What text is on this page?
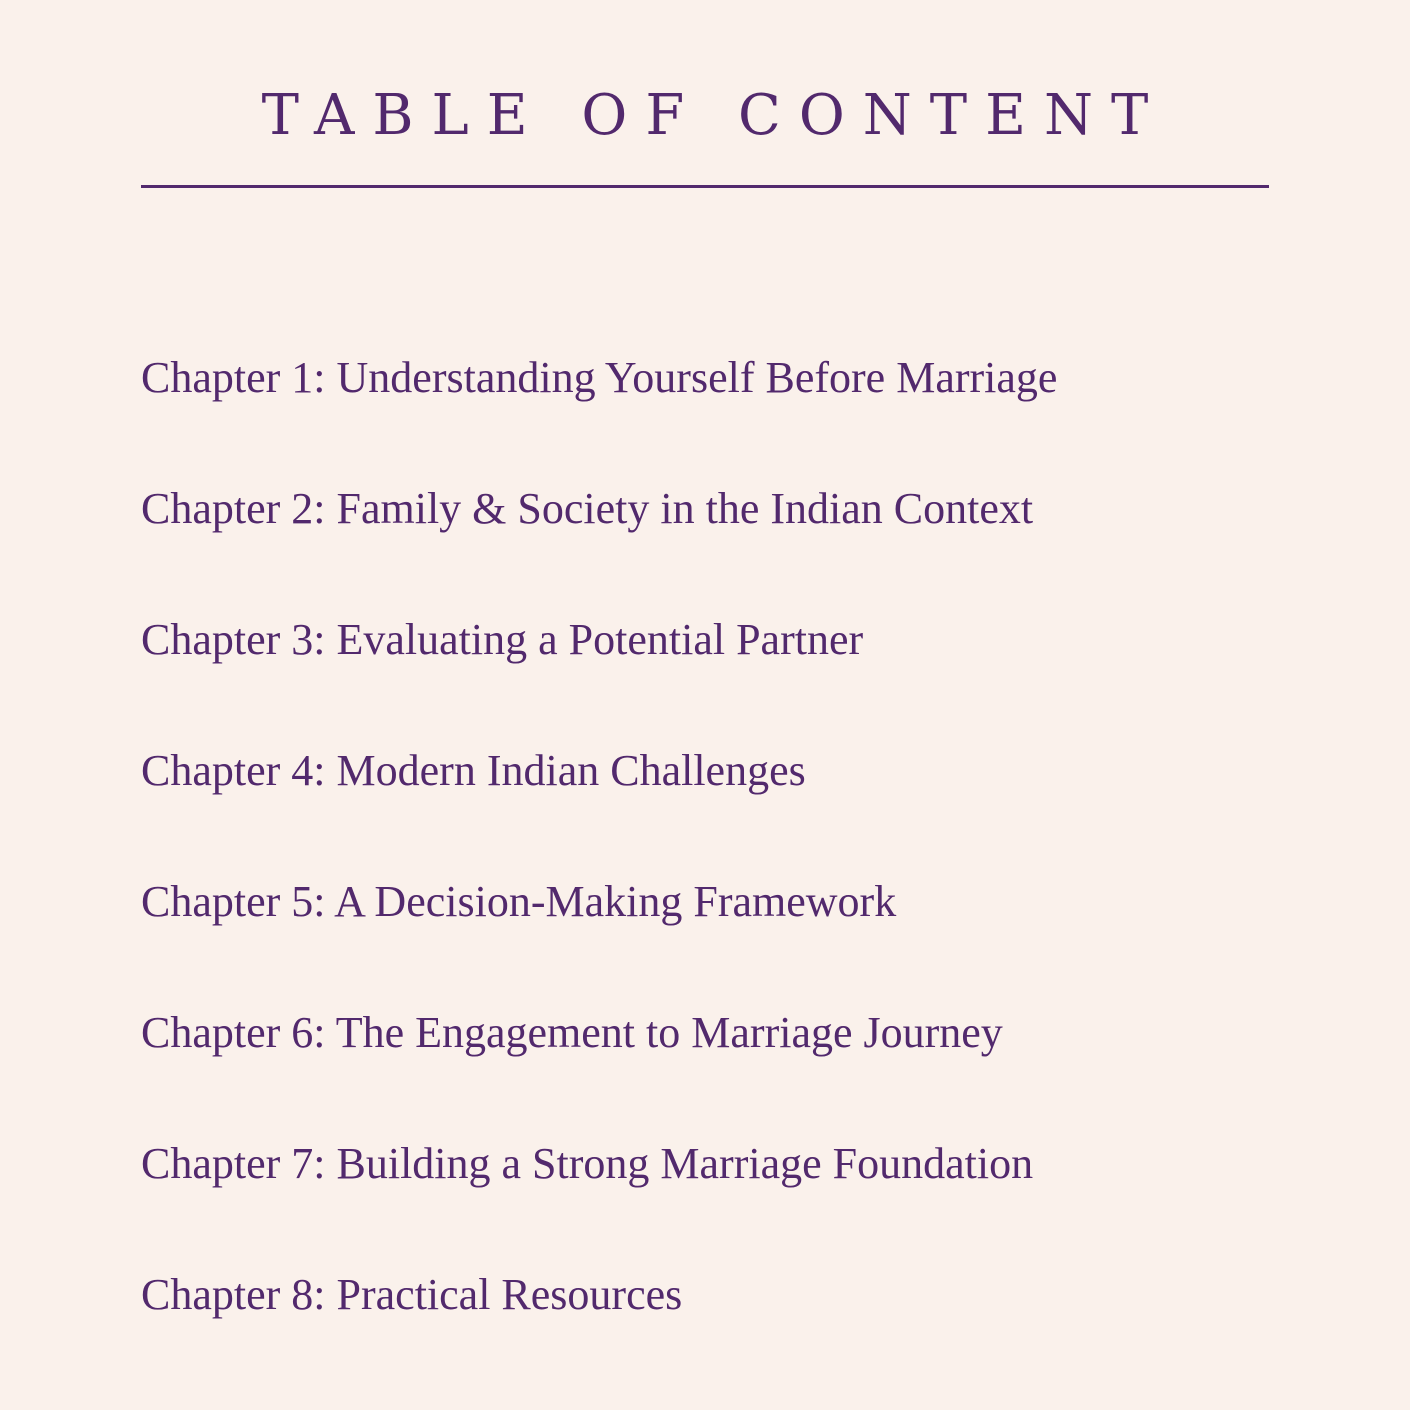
TABLE OF CONTENT
Chapter 1: Understanding Yourself Before Marriage
Chapter 2: Family & Society in the Indian Context
Chapter 3: Evaluating a Potential Partner
Chapter 4: Modern Indian Challenges
Chapter 5: A Decision-Making Framework
Chapter 6: The Engagement to Marriage Journey
Chapter 7: Building a Strong Marriage Foundation
Chapter 8: Practical Resources
